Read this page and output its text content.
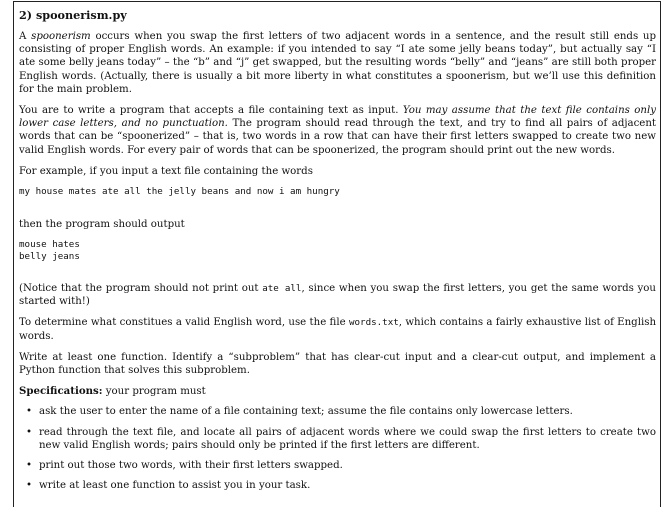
2) spoonerism.py

A spoonerism occurs when you swap the first letters of two adjacent words in a sentence, and the result still ends up consisting of proper English words. An example: if you intended to say “I ate some jelly beans today”, but actually say “I ate some belly jeans today” – the “b” and “j” get swapped, but the resulting words “belly” and “jeans” are still both proper English words. (Actually, there is usually a bit more liberty in what constitutes a spoonerism, but we’ll use this definition for the main problem.

You are to write a program that accepts a file containing text as input. You may assume that the text file contains only lower case letters, and no punctuation. The program should read through the text, and try to find all pairs of adjacent words that can be “spoonerized” – that is, two words in a row that can have their first letters swapped to create two new valid English words. For every pair of words that can be spoonerized, the program should print out the new words.

For example, if you input a text file containing the words

my house mates ate all the jelly beans and now i am hungry

then the program should output

mouse hates
belly jeans

(Notice that the program should not print out ate all, since when you swap the first letters, you get the same words you started with!)

To determine what constitues a valid English word, use the file words.txt, which contains a fairly exhaustive list of English words.

Write at least one function. Identify a “subproblem” that has clear-cut input and a clear-cut output, and implement a Python function that solves this subproblem.

Specifications: your program must

• ask the user to enter the name of a file containing text; assume the file contains only lowercase letters.
• read through the text file, and locate all pairs of adjacent words where we could swap the first letters to create two new valid English words; pairs should only be printed if the first letters are different.
• print out those two words, with their first letters swapped.
• write at least one function to assist you in your task.
